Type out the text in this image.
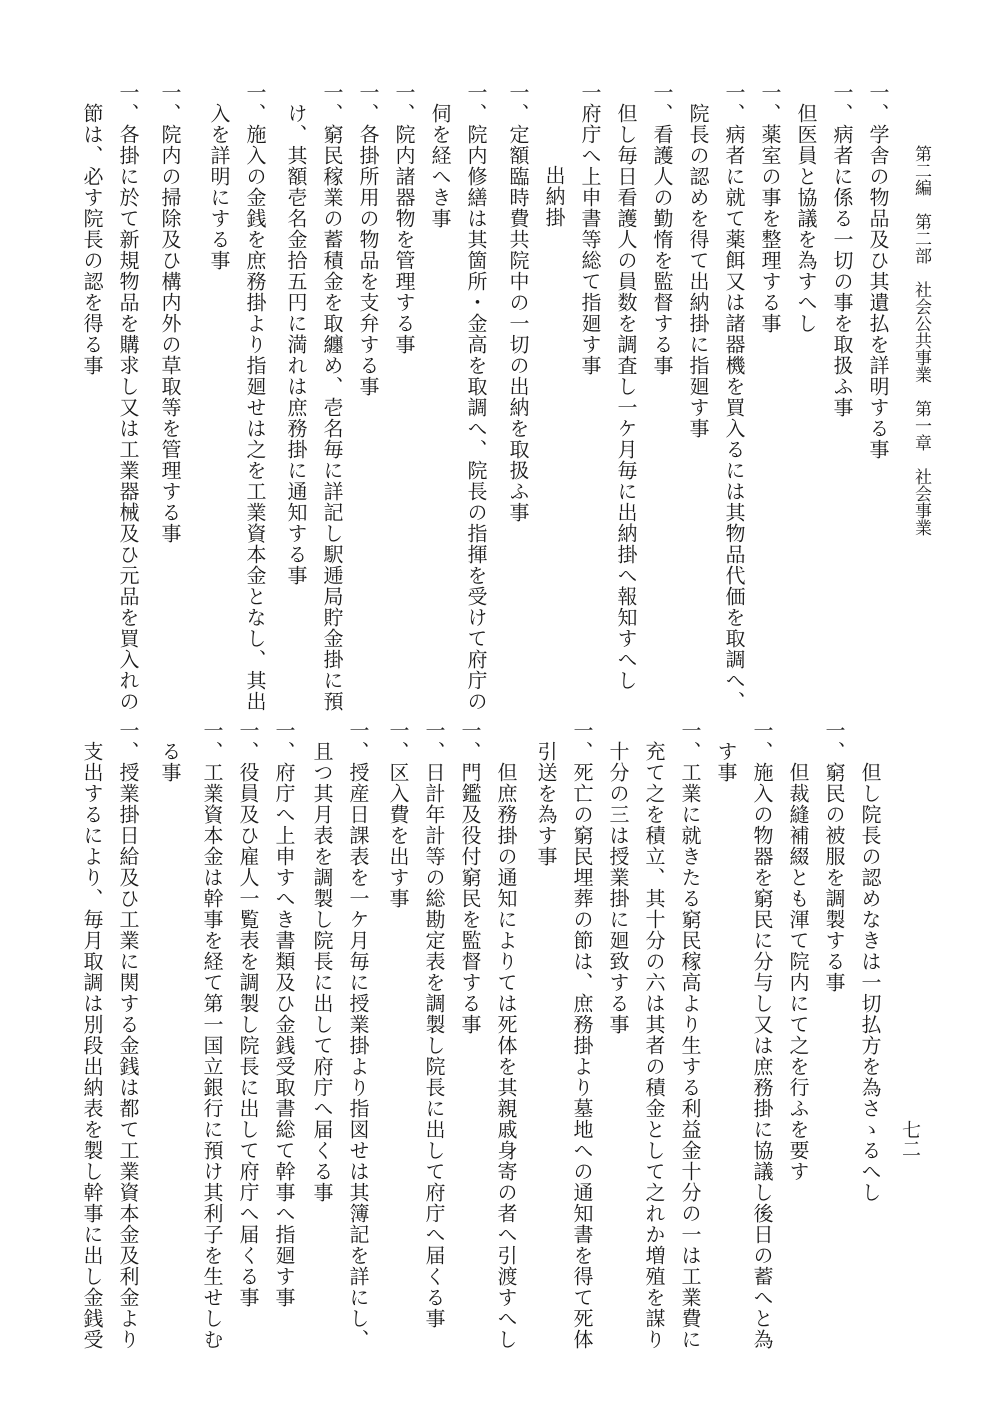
第二編　第二部　社会公共事業　第一章　社会事業
七二
一、学舎の物品及ひ其遺払を詳明する事
一、病者に係る一切の事を取扱ふ事
但医員と協議を為すへし
一、薬室の事を整理する事
一、病者に就て薬餌又は諸器機を買入るには其物品代価を取調へ、
院長の認めを得て出納掛に指廻す事
一、看護人の勤惰を監督する事
但し毎日看護人の員数を調査し一ケ月毎に出納掛へ報知すへし
一府庁へ上申書等総て指廻す事
出納掛
一、定額臨時費共院中の一切の出納を取扱ふ事
一、院内修繕は其箇所・金高を取調へ、院長の指揮を受けて府庁の
伺を経へき事
一、院内諸器物を管理する事
一、各掛所用の物品を支弁する事
一、窮民稼業の蓄積金を取纏め、壱名毎に詳記し駅逓局貯金掛に預
け、其額壱名金拾五円に満れは庶務掛に通知する事
一、施入の金銭を庶務掛より指廻せは之を工業資本金となし、其出
入を詳明にする事
一、院内の掃除及ひ構内外の草取等を管理する事
一、各掛に於て新規物品を購求し又は工業器械及ひ元品を買入れの
節は、必す院長の認を得る事
但し院長の認めなきは一切払方を為さゝるへし
一、窮民の被服を調製する事
但裁縫補綴とも渾て院内にて之を行ふを要す
一、施入の物器を窮民に分与し又は庶務掛に協議し後日の蓄へと為
す事
一、工業に就きたる窮民稼高より生する利益金十分の一は工業費に
充て之を積立、其十分の六は其者の積金として之れか増殖を謀り
十分の三は授業掛に廻致する事
一、死亡の窮民埋葬の節は、庶務掛より墓地への通知書を得て死体
引送を為す事
但庶務掛の通知によりては死体を其親戚身寄の者へ引渡すへし
一、門鑑及役付窮民を監督する事
一、日計年計等の総勘定表を調製し院長に出して府庁へ届くる事
一、区入費を出す事
一、授産日課表を一ケ月毎に授業掛より指図せは其簿記を詳にし、
且つ其月表を調製し院長に出して府庁へ届くる事
一、府庁へ上申すへき書類及ひ金銭受取書総て幹事へ指廻す事
一、役員及ひ雇人一覧表を調製し院長に出して府庁へ届くる事
一、工業資本金は幹事を経て第一国立銀行に預け其利子を生せしむ
る事
一、授業掛日給及ひ工業に関する金銭は都て工業資本金及利金より
支出するにより、毎月取調は別段出納表を製し幹事に出し金銭受
